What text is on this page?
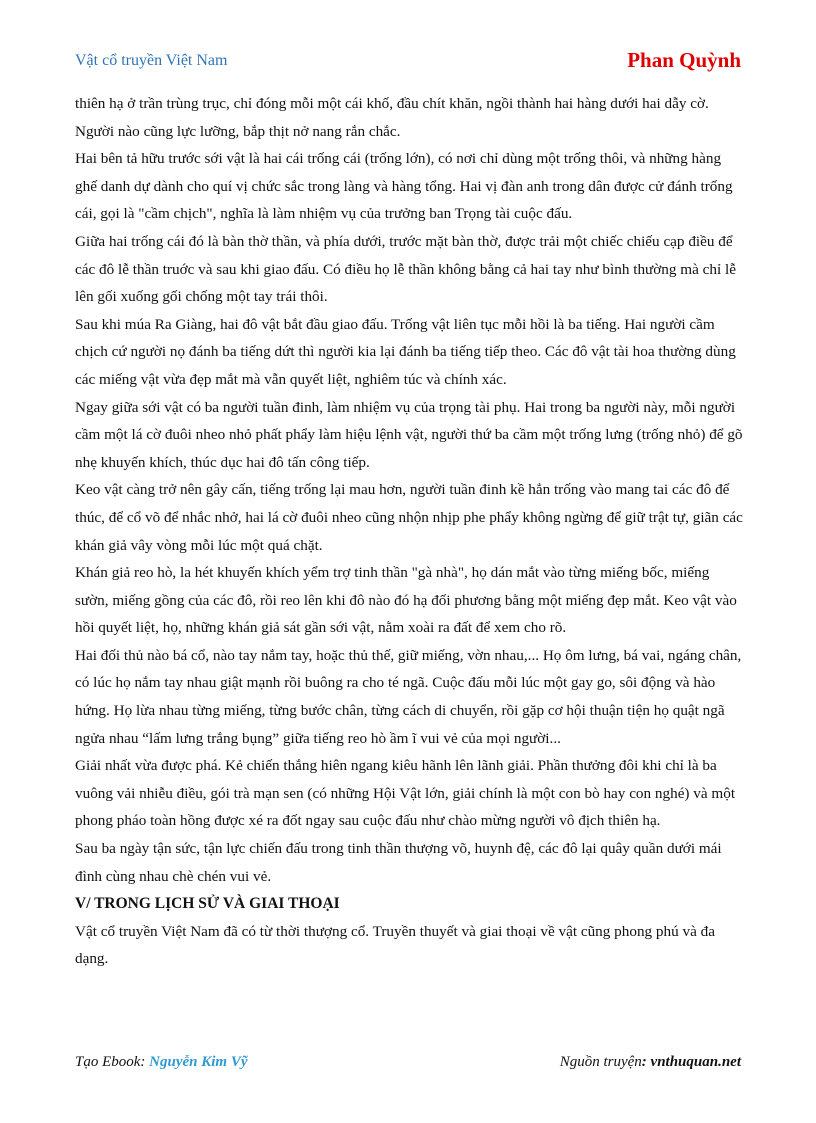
Vật cổ truyền Việt Nam	Phan Quỳnh

thiên hạ ở trần trùng trục, chỉ đóng mỗi một cái khố, đầu chít khăn, ngồi thành hai hàng dưới hai dẫy cờ. Người nào cũng lực lưỡng, bắp thịt nở nang rắn chắc.

Hai bên tả hữu trước sới vật là hai cái trống cái (trống lớn), có nơi chỉ dùng một trống thôi, và những hàng ghế danh dự dành cho quí vị chức sắc trong làng và hàng tổng. Hai vị đàn anh trong dân được cử đánh trống cái, gọi là "cầm chịch", nghĩa là làm nhiệm vụ của trưởng ban Trọng tài cuộc đấu.

Giữa hai trống cái đó là bàn thờ thần, và phía dưới, trước mặt bàn thờ, được trải một chiếc chiếu cạp điều để các đô lễ thần truớc và sau khi giao đấu. Có điều họ lễ thần không bằng cả hai tay như bình thường mà chỉ lễ lên gối xuống gối chống một tay trái thôi.

Sau khi múa Ra Giàng, hai đô vật bắt đầu giao đấu. Trống vật liên tục mỗi hồi là ba tiếng. Hai người cầm chịch cứ người nọ đánh ba tiếng dứt thì người kia lại đánh ba tiếng tiếp theo. Các đô vật tài hoa thường dùng các miếng vật vừa đẹp mắt mà vẫn quyết liệt, nghiêm túc và chính xác.

Ngay giữa sới vật có ba người tuần đinh, làm nhiệm vụ của trọng tài phụ. Hai trong ba người này, mỗi người cầm một lá cờ đuôi nheo nhỏ phất phẩy làm hiệu lệnh vật, người thứ ba cầm một trống lưng (trống nhỏ) để gõ nhẹ khuyến khích, thúc dục hai đô tấn công tiếp.

Keo vật càng trở nên gây cấn, tiếng trống lại mau hơn, người tuần đinh kề hẳn trống vào mang tai các đô để thúc, để cổ võ để nhắc nhở, hai lá cờ đuôi nheo cũng nhộn nhịp phe phẩy không ngừng để giữ trật tự, giãn các khán giả vây vòng mỗi lúc một quá chặt.

Khán giả reo hò, la hét khuyến khích yểm trợ tinh thần "gà nhà", họ dán mắt vào từng miếng bốc, miếng sườn, miếng gồng của các đô, rồi reo lên khi đô nào đó hạ đối phương bằng một miếng đẹp mắt. Keo vật vào hồi quyết liệt, họ, những khán giả sát gần sới vật, nằm xoài ra đất để xem cho rõ.

Hai đối thủ nào bá cổ, nào tay nắm tay, hoặc thủ thế, giữ miếng, vờn nhau,... Họ ôm lưng, bá vai, ngáng chân, có lúc họ nắm tay nhau giật mạnh rồi buông ra cho té ngã. Cuộc đấu mỗi lúc một gay go, sôi động và hào hứng. Họ lừa nhau từng miếng, từng bước chân, từng cách di chuyển, rồi gặp cơ hội thuận tiện họ quật ngã ngửa nhau “lấm lưng trắng bụng” giữa tiếng reo hò ầm ĩ vui vẻ của mọi người...

Giải nhất vừa được phá. Kẻ chiến thắng hiên ngang kiêu hãnh lên lãnh giải. Phần thưởng đôi khi chỉ là ba vuông vải nhiễu điều, gói trà mạn sen (có những Hội Vật lớn, giải chính là một con bò hay con nghé) và một phong pháo toàn hồng được xé ra đốt ngay sau cuộc đấu như chào mừng người vô địch thiên hạ.

Sau ba ngày tận sức, tận lực chiến đấu trong tinh thần thượng võ, huynh đệ, các đô lại quây quần dưới mái đình cùng nhau chè chén vui vẻ.

V/ TRONG LỊCH SỬ VÀ GIAI THOẠI

Vật cổ truyền Việt Nam đã có từ thời thượng cổ. Truyền thuyết và giai thoại về vật cũng phong phú và đa dạng.

Tạo Ebook: Nguyễn Kim Vỹ	Nguồn truyện: vnthuquan.net
